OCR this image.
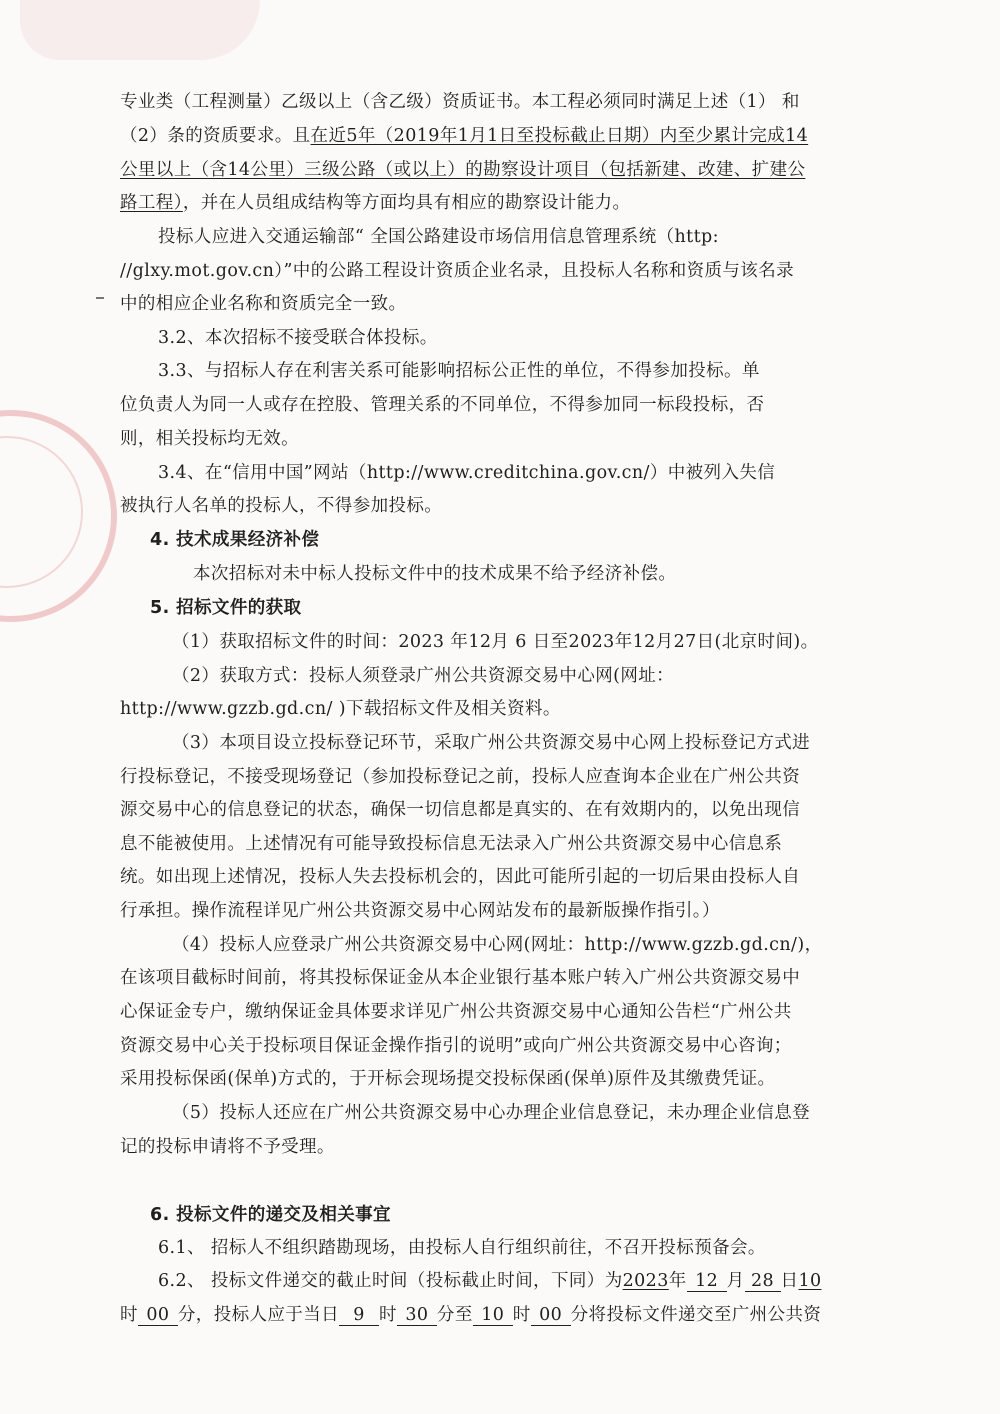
专业类（工程测量）乙级以上（含乙级）资质证书。本工程必须同时满足上述（1） 和
（2）条的资质要求。且在近5年（2019年1月1日至投标截止日期）内至少累计完成14
公里以上（含14公里）三级公路（或以上）的勘察设计项目（包括新建、改建、扩建公
路工程），并在人员组成结构等方面均具有相应的勘察设计能力。
投标人应进入交通运输部“ 全国公路建设市场信用信息管理系统（http:
//glxy.mot.gov.cn）”中的公路工程设计资质企业名录，且投标人名称和资质与该名录
中的相应企业名称和资质完全一致。
3.2、本次招标不接受联合体投标。
3.3、与招标人存在利害关系可能影响招标公正性的单位，不得参加投标。单
位负责人为同一人或存在控股、管理关系的不同单位，不得参加同一标段投标，否
则，相关投标均无效。
3.4、在“信用中国”网站（http://www.creditchina.gov.cn/）中被列入失信
被执行人名单的投标人，不得参加投标。
4. 技术成果经济补偿
本次招标对未中标人投标文件中的技术成果不给予经济补偿。
5. 招标文件的获取
（1）获取招标文件的时间：2023 年12月 6 日至2023年12月27日(北京时间)。
（2）获取方式：投标人须登录广州公共资源交易中心网(网址：
http://www.gzzb.gd.cn/ )下载招标文件及相关资料。
（3）本项目设立投标登记环节，采取广州公共资源交易中心网上投标登记方式进
行投标登记，不接受现场登记（参加投标登记之前，投标人应查询本企业在广州公共资
源交易中心的信息登记的状态，确保一切信息都是真实的、在有效期内的，以免出现信
息不能被使用。上述情况有可能导致投标信息无法录入广州公共资源交易中心信息系
统。如出现上述情况，投标人失去投标机会的，因此可能所引起的一切后果由投标人自
行承担。操作流程详见广州公共资源交易中心网站发布的最新版操作指引。）
（4）投标人应登录广州公共资源交易中心网(网址：http://www.gzzb.gd.cn/)，
在该项目截标时间前，将其投标保证金从本企业银行基本账户转入广州公共资源交易中
心保证金专户，缴纳保证金具体要求详见广州公共资源交易中心通知公告栏“广州公共
资源交易中心关于投标项目保证金操作指引的说明”或向广州公共资源交易中心咨询；
采用投标保函(保单)方式的，于开标会现场提交投标保函(保单)原件及其缴费凭证。
（5）投标人还应在广州公共资源交易中心办理企业信息登记，未办理企业信息登
记的投标申请将不予受理。
6. 投标文件的递交及相关事宜
6.1、 招标人不组织踏勘现场，由投标人自行组织前往，不召开投标预备会。
6.2、 投标文件递交的截止时间（投标截止时间，下同）为2023年 12 月 28 日10
时 00 分，投标人应于当日 9 时 30 分至 10 时 00 分将投标文件递交至广州公共资
